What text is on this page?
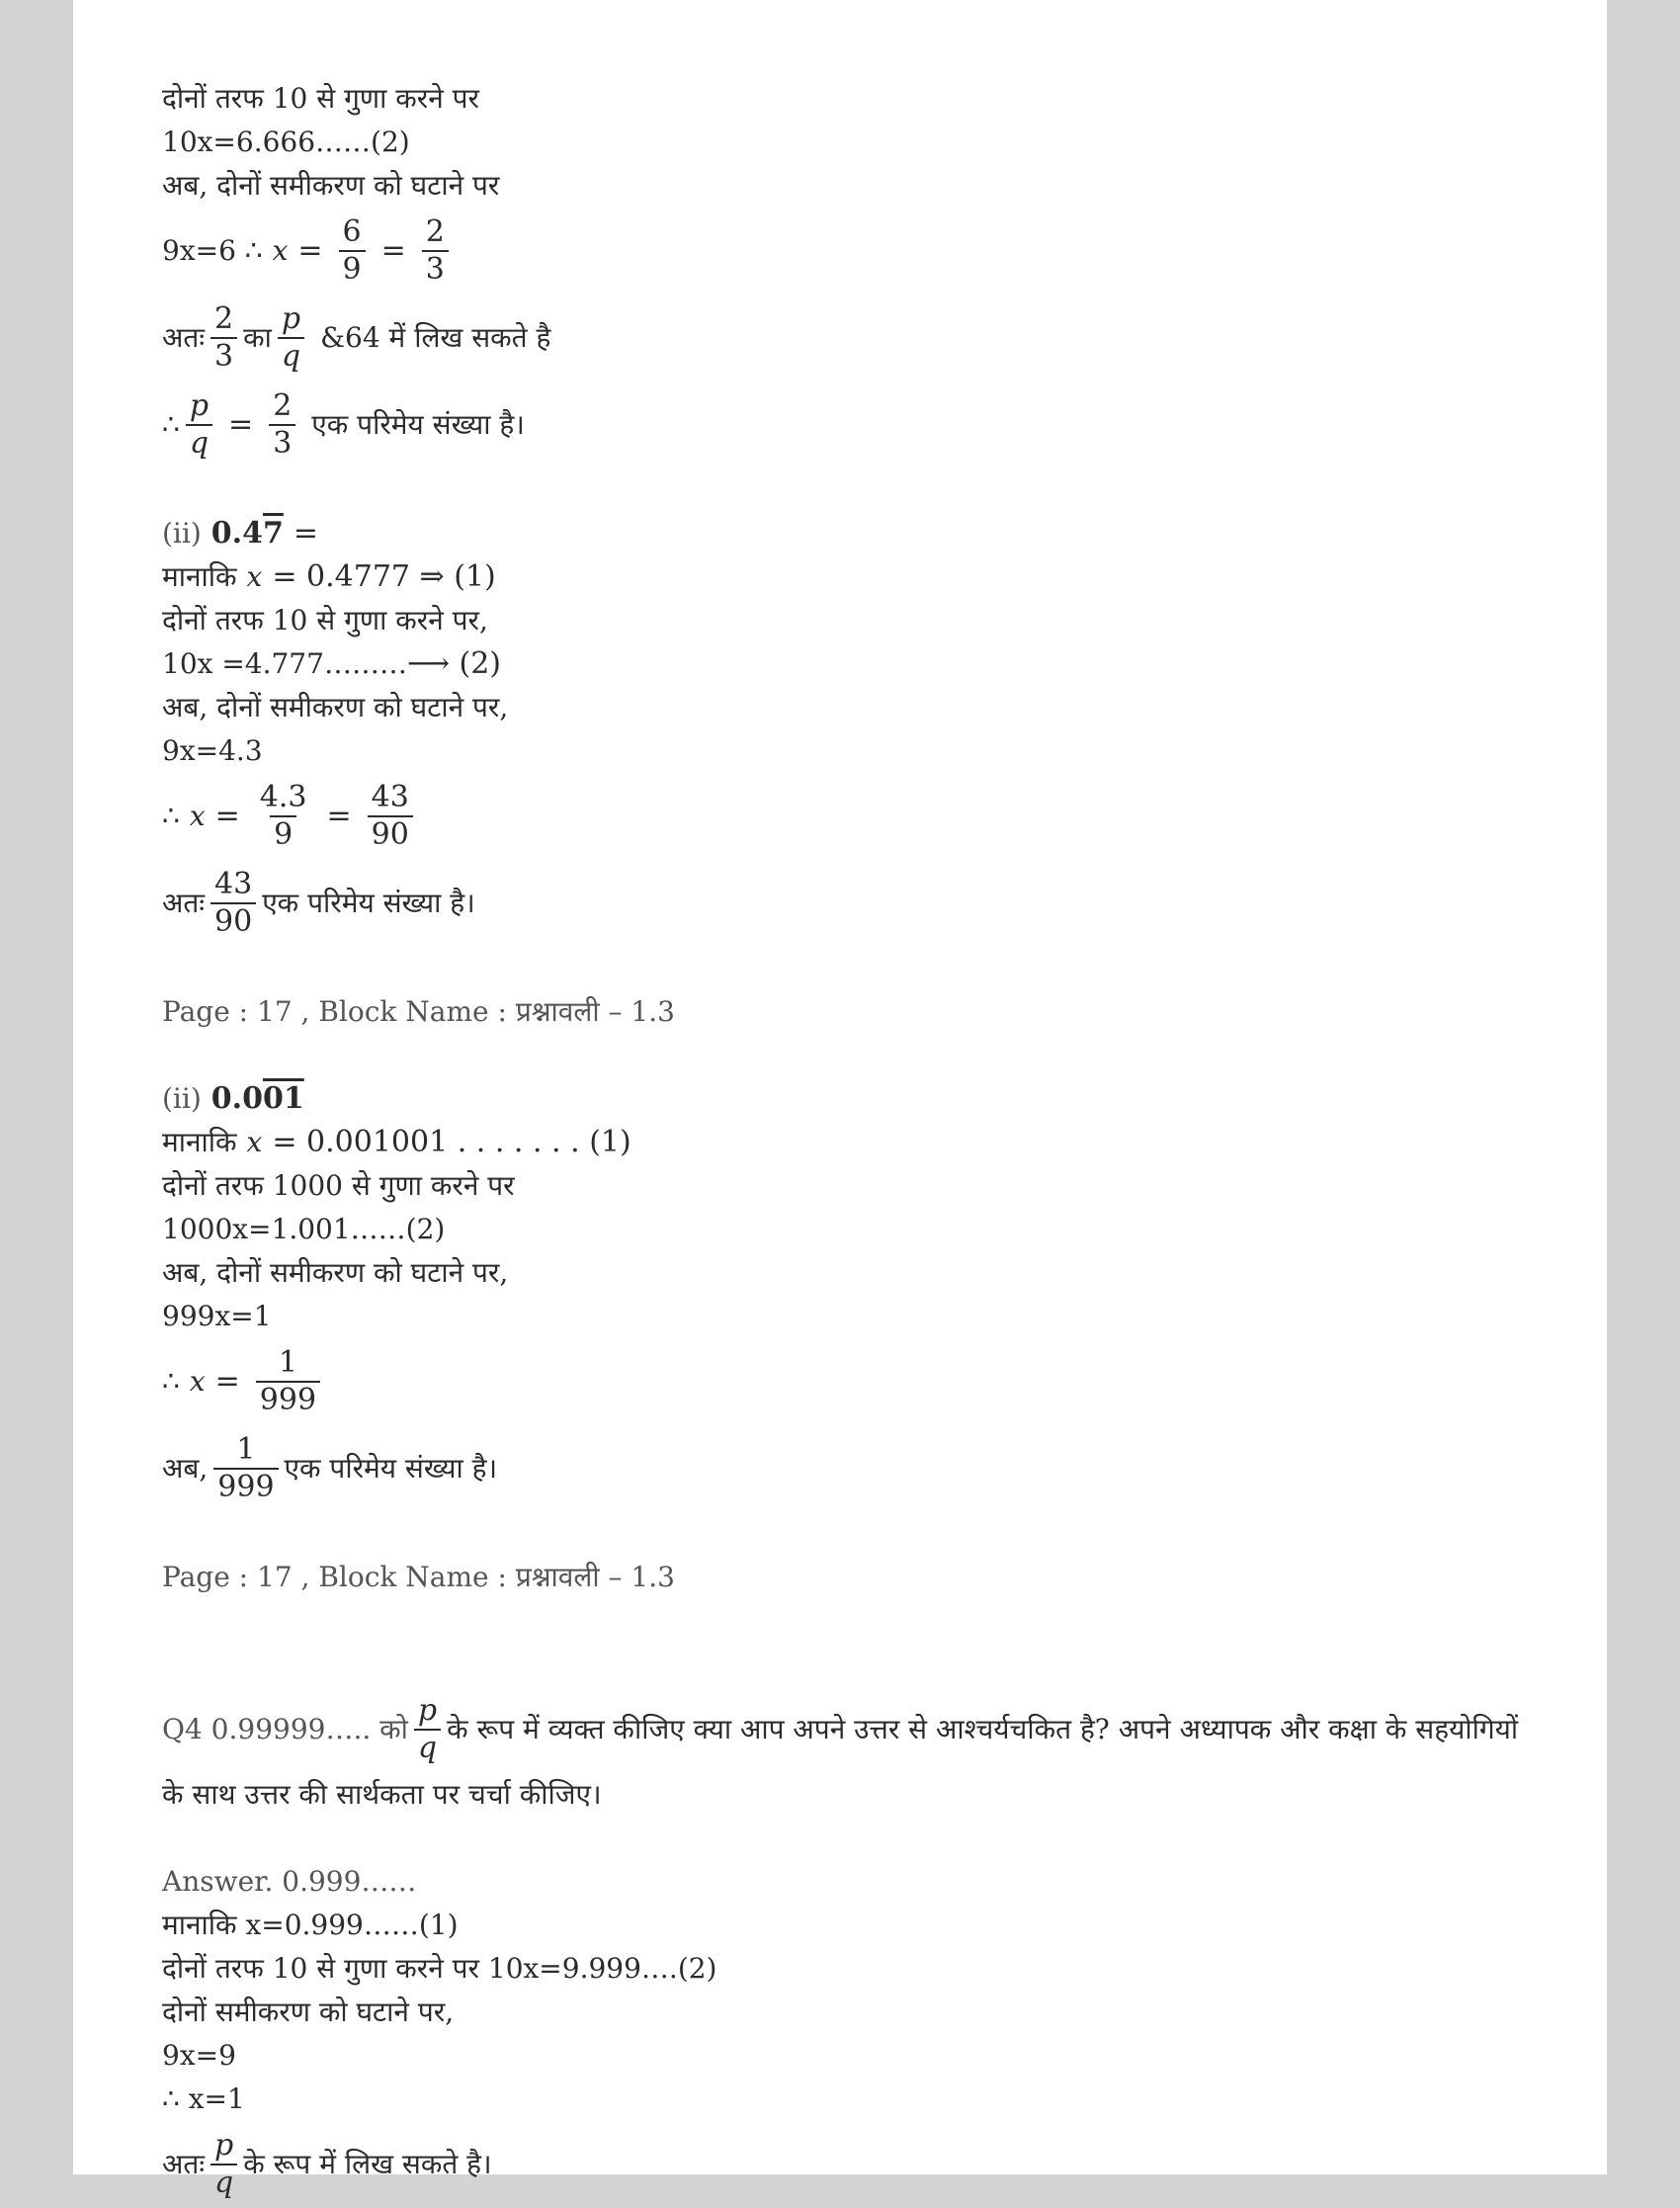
दोनों तरफ 10 से गुणा करने पर
10x=6.666……(2)
अब, दोनों समीकरण को घटाने पर
9x=6 ∴ $x = \frac{6}{9} = \frac{2}{3}$
अतः $\frac{2}{3}$ का $\frac{p}{q}$ &64 में लिख सकते है
∴ $\frac{p}{q} = \frac{2}{3}$ एक परिमेय संख्या है।
(ii) 0.4 7 =
मानाकि x = 0.4777 ⇒ (1)
दोनों तरफ 10 से गुणा करने पर,
10x =4.777……… ⟶ (2)
अब, दोनों समीकरण को घटाने पर,
9x=4.3
∴ $x = \frac{4.3}{9} = \frac{43}{90}$
अतः $\frac{43}{90}$ एक परिमेय संख्या है।
Page : 17 , Block Name : प्रश्नावली – 1.3
(ii) 0.0 01
मानाकि x = 0.001001 . . . . . . . (1)
दोनों तरफ 1000 से गुणा करने पर
1000x=1.001……(2)
अब, दोनों समीकरण को घटाने पर,
999x=1
∴ $x = \frac{1}{999}$
अब, $\frac{1}{999}$ एक परिमेय संख्या है।
Page : 17 , Block Name : प्रश्नावली – 1.3
Q4 0.99999….. को $\frac{p}{q}$ के रूप में व्यक्त कीजिए क्या आप अपने उत्तर से आश्चर्यचकित है? अपने अध्यापक और कक्षा के सहयोगियों
के साथ उत्तर की सार्थकता पर चर्चा कीजिए।
Answer. 0.999……
मानाकि x=0.999……(1)
दोनों तरफ 10 से गुणा करने पर 10x=9.999….(2)
दोनों समीकरण को घटाने पर,
9x=9
∴ x=1
अतः $\frac{p}{q}$ के रूप में लिख सकते है।
